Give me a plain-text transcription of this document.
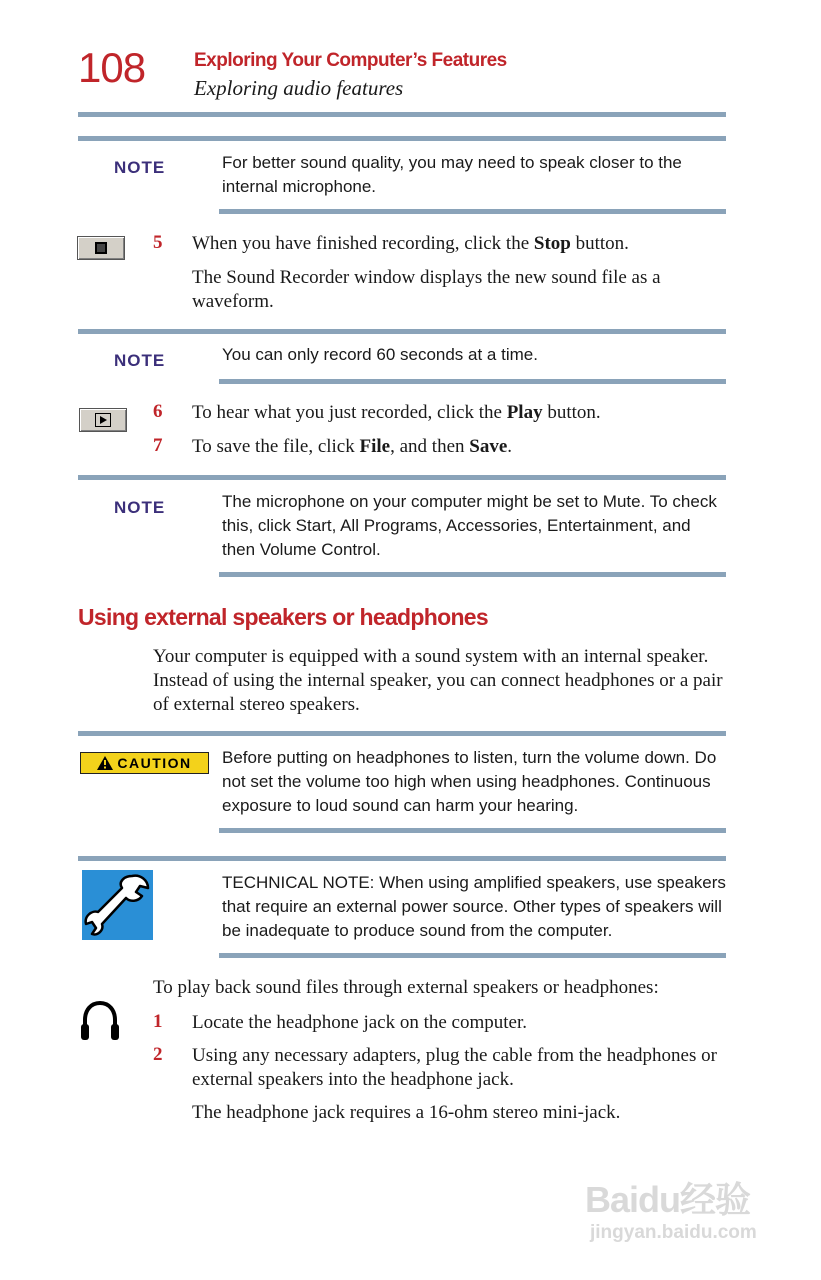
108	Exploring Your Computer’s Features
Exploring audio features
NOTE	For better sound quality, you may need to speak closer to the internal microphone.
5 When you have finished recording, click the Stop button.
The Sound Recorder window displays the new sound file as a waveform.
NOTE	You can only record 60 seconds at a time.
6 To hear what you just recorded, click the Play button.
7 To save the file, click File, and then Save.
NOTE	The microphone on your computer might be set to Mute. To check this, click Start, All Programs, Accessories, Entertainment, and then Volume Control.
Using external speakers or headphones
Your computer is equipped with a sound system with an internal speaker. Instead of using the internal speaker, you can connect headphones or a pair of external stereo speakers.
CAUTION Before putting on headphones to listen, turn the volume down. Do not set the volume too high when using headphones. Continuous exposure to loud sound can harm your hearing.
TECHNICAL NOTE: When using amplified speakers, use speakers that require an external power source. Other types of speakers will be inadequate to produce sound from the computer.
To play back sound files through external speakers or headphones:
1 Locate the headphone jack on the computer.
2 Using any necessary adapters, plug the cable from the headphones or external speakers into the headphone jack.
The headphone jack requires a 16-ohm stereo mini-jack.
Baidu经验
jingyan.baidu.com
